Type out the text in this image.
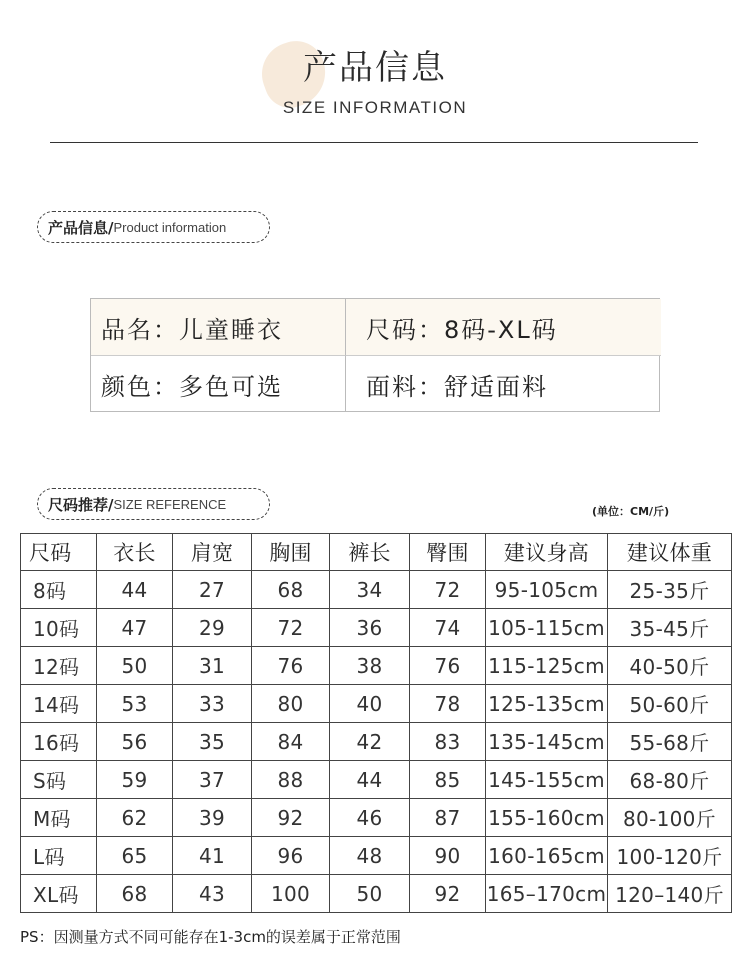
产品信息
SIZE INFORMATION
产品信息/ Product information
品名：儿童睡衣	尺码：8码-XL码
颜色：多色可选	面料：舒适面料
尺码推荐/ SIZE REFERENCE	(单位：CM/斤)
尺码	衣长	肩宽	胸围	裤长	臀围	建议身高	建议体重
8码	44	27	68	34	72	95-105cm	25-35斤
10码	47	29	72	36	74	105-115cm	35-45斤
12码	50	31	76	38	76	115-125cm	40-50斤
14码	53	33	80	40	78	125-135cm	50-60斤
16码	56	35	84	42	83	135-145cm	55-68斤
S码	59	37	88	44	85	145-155cm	68-80斤
M码	62	39	92	46	87	155-160cm	80-100斤
L码	65	41	96	48	90	160-165cm	100-120斤
XL码	68	43	100	50	92	165–170cm	120–140斤
PS：因测量方式不同可能存在1-3cm的误差属于正常范围
